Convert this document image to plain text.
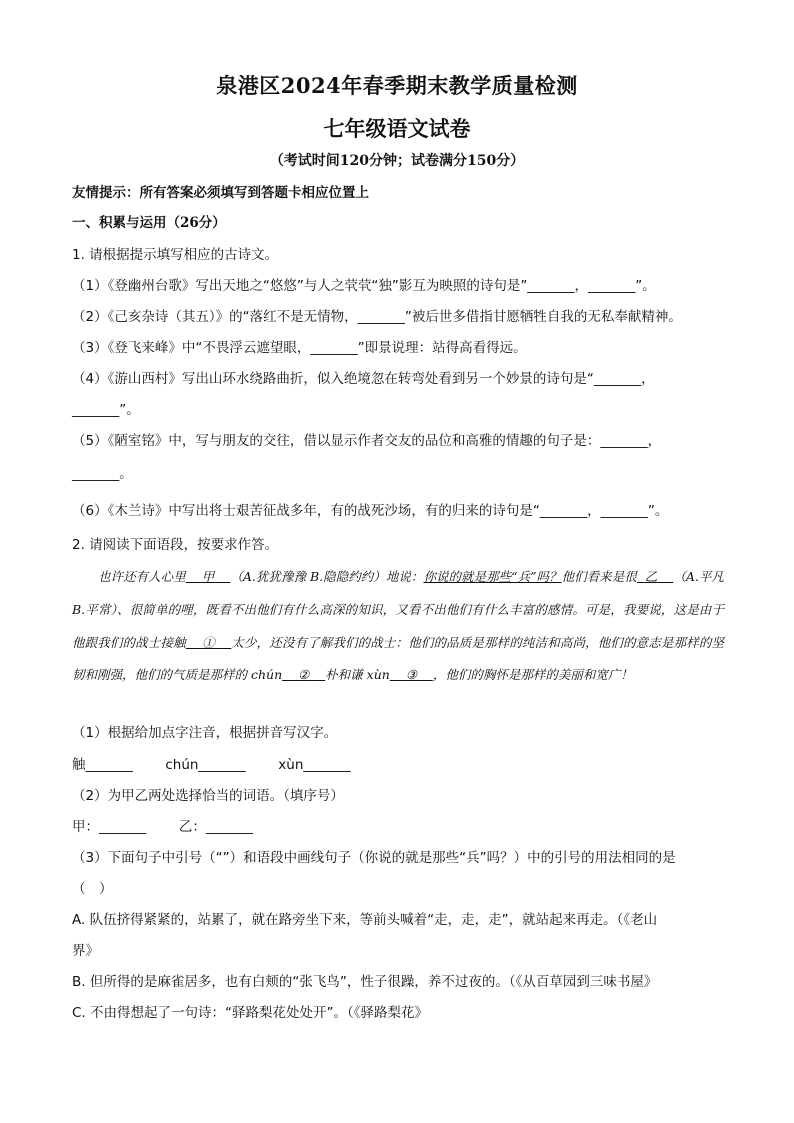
泉港区2024年春季期末教学质量检测
七年级语文试卷
（考试时间120分钟；试卷满分150分）
友情提示：所有答案必须填写到答题卡相应位置上
一、积累与运用（26分）
1. 请根据提示填写相应的古诗文。
（1）《登幽州台歌》写出天地之“悠悠”与人之茕茕“独”影互为映照的诗句是”_______，_______”。
（2）《己亥杂诗（其五）》的“落红不是无情物，_______”被后世多借指甘愿牺牲自我的无私奉献精神。
（3）《登飞来峰》中“不畏浮云遮望眼，_______”即景说理：站得高看得远。
（4）《游山西村》写出山环水绕路曲折，似入绝境忽在转弯处看到另一个妙景的诗句是“_______，
_______”。
（5）《陋室铭》中，写与朋友的交往，借以显示作者交友的品位和高雅的情趣的句子是：_______，
_______。
（6）《木兰诗》中写出将士艰苦征战多年，有的战死沙场，有的归来的诗句是“_______，_______”。
2. 请阅读下面语段，按要求作答。
也许还有人心里 甲 （A.犹犹豫豫 B.隐隐约约）地说：你说的就是那些“兵”吗？他们看来是很 乙 （A.平凡 B.平常）、很简单的哩，既看不出他们有什么高深的知识，又看不出他们有什么丰富的感情。可是，我要说，这是由于他跟我们的战士接触 ① 太少，还没有了解我们的战士：他们的品质是那样的纯洁和高尚，他们的意志是那样的坚韧和刚强，他们的气质是那样的 chún ② 朴和谦 xùn ③ ，他们的胸怀是那样的美丽和宽广！
（1）根据给加点字注音，根据拼音写汉字。
触_______ chún_______ xùn_______
（2）为甲乙两处选择恰当的词语。（填序号）
甲：_______ 乙：_______
（3）下面句子中引号（“”）和语段中画线句子（你说的就是那些“兵”吗？）中的引号的用法相同的是
（　）
A. 队伍挤得紧紧的，站累了，就在路旁坐下来，等前头喊着“走，走，走”，就站起来再走。（《老山
界》
B. 但所得的是麻雀居多，也有白颊的“张飞鸟”，性子很躁，养不过夜的。（《从百草园到三味书屋》
C. 不由得想起了一句诗：“驿路梨花处处开”。（《驿路梨花》
